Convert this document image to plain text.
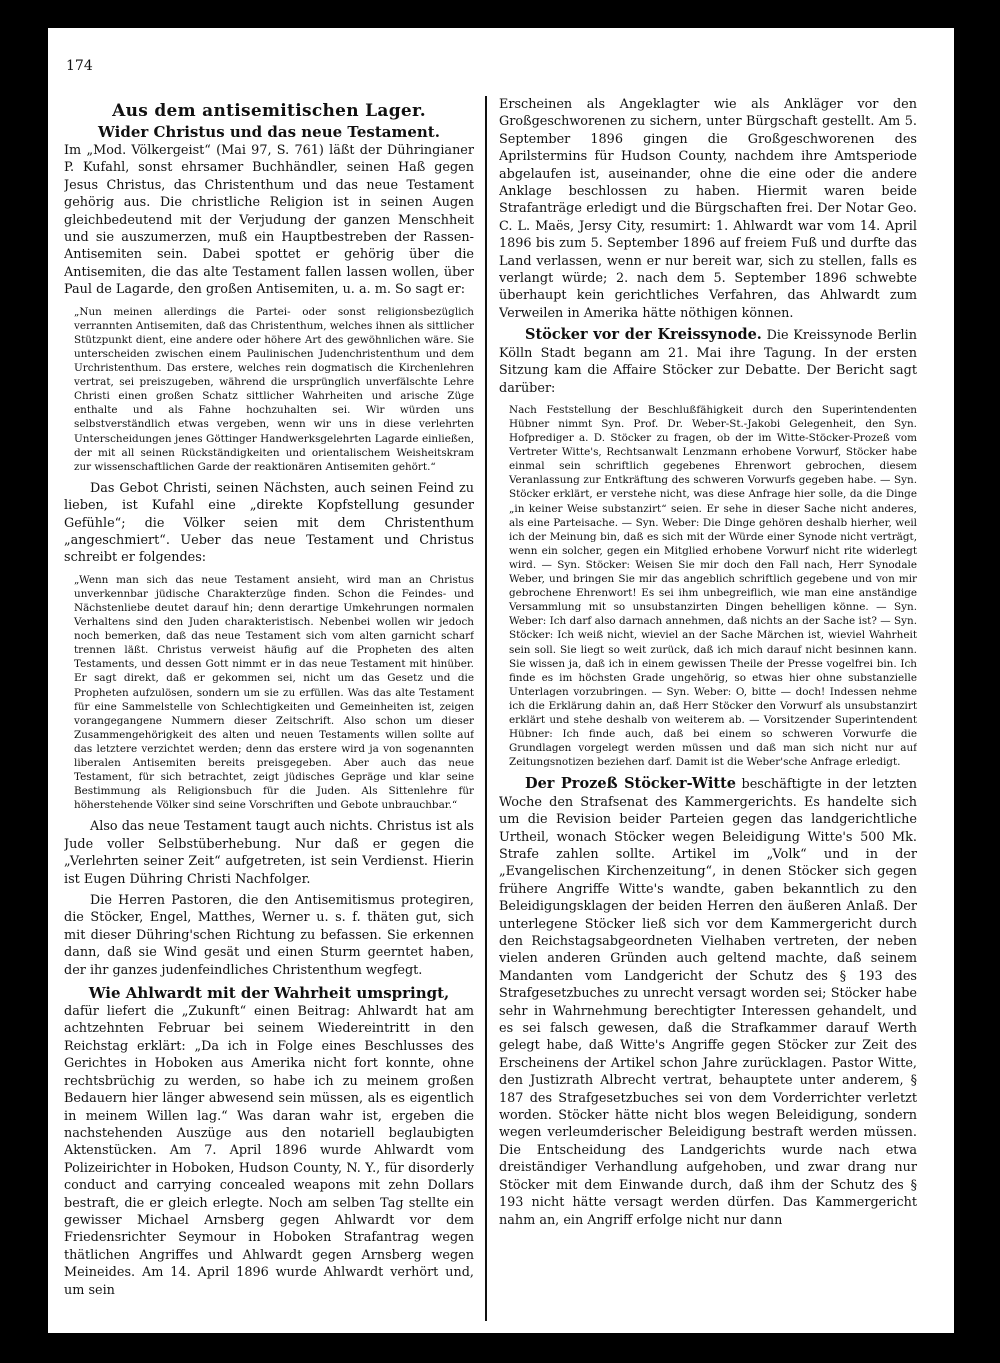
174
Aus dem antisemitischen Lager.
Wider Christus und das neue Testament.

Im „Mod. Völkergeist“ (Mai 97, S. 761) läßt der Dühringianer P. Kufahl, sonst ehrsamer Buchhändler, seinen Haß gegen Jesus Christus, das Christenthum und das neue Testament gehörig aus. Die christliche Religion ist in seinen Augen gleichbedeutend mit der Verjudung der ganzen Menschheit und sie auszumerzen, muß ein Hauptbestreben der Rassen-Antisemiten sein. Dabei spottet er gehörig über die Antisemiten, die das alte Testament fallen lassen wollen, über Paul de Lagarde, den großen Antisemiten, u. a. m. So sagt er:

„Nun meinen allerdings die Partei- oder sonst religionsbezüglich verrannten Antisemiten, daß das Christenthum, welches ihnen als sittlicher Stützpunkt dient, eine andere oder höhere Art des gewöhnlichen wäre. Sie unterscheiden zwischen einem Paulinischen Judenchristenthum und dem Urchristenthum. Das erstere, welches rein dogmatisch die Kirchenlehren vertrat, sei preiszugeben, während die ursprünglich unverfälschte Lehre Christi einen großen Schatz sittlicher Wahrheiten und arische Züge enthalte und als Fahne hochzuhalten sei. Wir würden uns selbstverständlich etwas vergeben, wenn wir uns in diese verlehrten Unterscheidungen jenes Göttinger Handwerksgelehrten Lagarde einließen, der mit all seinen Rückständigkeiten und orientalischem Weisheitskram zur wissenschaftlichen Garde der reaktionären Antisemiten gehört.“

Das Gebot Christi, seinen Nächsten, auch seinen Feind zu lieben, ist Kufahl eine „direkte Kopfstellung gesunder Gefühle“; die Völker seien mit dem Christenthum „angeschmiert“. Ueber das neue Testament und Christus schreibt er folgendes:

„Wenn man sich das neue Testament ansieht, wird man an Christus unverkennbar jüdische Charakterzüge finden. Schon die Feindes- und Nächstenliebe deutet darauf hin; denn derartige Umkehrungen normalen Verhaltens sind den Juden charakteristisch. Nebenbei wollen wir jedoch noch bemerken, daß das neue Testament sich vom alten garnicht scharf trennen läßt. Christus verweist häufig auf die Propheten des alten Testaments, und dessen Gott nimmt er in das neue Testament mit hinüber. Er sagt direkt, daß er gekommen sei, nicht um das Gesetz und die Propheten aufzulösen, sondern um sie zu erfüllen. Was das alte Testament für eine Sammelstelle von Schlechtigkeiten und Gemeinheiten ist, zeigen vorangegangene Nummern dieser Zeitschrift. Also schon um dieser Zusammengehörigkeit des alten und neuen Testaments willen sollte auf das letztere verzichtet werden; denn das erstere wird ja von sogenannten liberalen Antisemiten bereits preisgegeben. Aber auch das neue Testament, für sich betrachtet, zeigt jüdisches Gepräge und klar seine Bestimmung als Religionsbuch für die Juden. Als Sittenlehre für höherstehende Völker sind seine Vorschriften und Gebote unbrauchbar.“

Also das neue Testament taugt auch nichts. Christus ist als Jude voller Selbstüberhebung. Nur daß er gegen die „Verlehrten seiner Zeit“ aufgetreten, ist sein Verdienst. Hierin ist Eugen Dühring Christi Nachfolger.

Die Herren Pastoren, die den Antisemitismus protegiren, die Stöcker, Engel, Matthes, Werner u. s. f. thäten gut, sich mit dieser Dühring'schen Richtung zu befassen. Sie erkennen dann, daß sie Wind gesät und einen Sturm geerntet haben, der ihr ganzes judenfeindliches Christenthum wegfegt.

Wie Ahlwardt mit der Wahrheit umspringt,

dafür liefert die „Zukunft“ einen Beitrag: Ahlwardt hat am achtzehnten Februar bei seinem Wiedereintritt in den Reichstag erklärt: „Da ich in Folge eines Beschlusses des Gerichtes in Hoboken aus Amerika nicht fort konnte, ohne rechtsbrüchig zu werden, so habe ich zu meinem großen Bedauern hier länger abwesend sein müssen, als es eigentlich in meinem Willen lag.“ Was daran wahr ist, ergeben die nachstehenden Auszüge aus den notariell beglaubigten Aktenstücken. Am 7. April 1896 wurde Ahlwardt vom Polizeirichter in Hoboken, Hudson County, N. Y., für disorderly conduct and carrying concealed weapons mit zehn Dollars bestraft, die er gleich erlegte. Noch am selben Tag stellte ein gewisser Michael Arnsberg gegen Ahlwardt vor dem Friedensrichter Seymour in Hoboken Strafantrag wegen thätlichen Angriffes und Ahlwardt gegen Arnsberg wegen Meineides. Am 14. April 1896 wurde Ahlwardt verhört und, um sein

Erscheinen als Angeklagter wie als Ankläger vor den Großgeschworenen zu sichern, unter Bürgschaft gestellt. Am 5. September 1896 gingen die Großgeschworenen des Aprilstermins für Hudson County, nachdem ihre Amtsperiode abgelaufen ist, auseinander, ohne die eine oder die andere Anklage beschlossen zu haben. Hiermit waren beide Strafanträge erledigt und die Bürgschaften frei. Der Notar Geo. C. L. Maës, Jersy City, resumirt: 1. Ahlwardt war vom 14. April 1896 bis zum 5. September 1896 auf freiem Fuß und durfte das Land verlassen, wenn er nur bereit war, sich zu stellen, falls es verlangt würde; 2. nach dem 5. September 1896 schwebte überhaupt kein gerichtliches Verfahren, das Ahlwardt zum Verweilen in Amerika hätte nöthigen können.

Stöcker vor der Kreissynode. Die Kreissynode Berlin Kölln Stadt begann am 21. Mai ihre Tagung. In der ersten Sitzung kam die Affaire Stöcker zur Debatte. Der Bericht sagt darüber:

Nach Feststellung der Beschlußfähigkeit durch den Superintendenten Hübner nimmt Syn. Prof. Dr. Weber-St.-Jakobi Gelegenheit, den Syn. Hofprediger a. D. Stöcker zu fragen, ob der im Witte-Stöcker-Prozeß vom Vertreter Witte's, Rechtsanwalt Lenzmann erhobene Vorwurf, Stöcker habe einmal sein schriftlich gegebenes Ehrenwort gebrochen, diesem Veranlassung zur Entkräftung des schweren Vorwurfs gegeben habe. — Syn. Stöcker erklärt, er verstehe nicht, was diese Anfrage hier solle, da die Dinge „in keiner Weise substanzirt“ seien. Er sehe in dieser Sache nicht anderes, als eine Parteisache. — Syn. Weber: Die Dinge gehören deshalb hierher, weil ich der Meinung bin, daß es sich mit der Würde einer Synode nicht verträgt, wenn ein solcher, gegen ein Mitglied erhobene Vorwurf nicht rite widerlegt wird. — Syn. Stöcker: Weisen Sie mir doch den Fall nach, Herr Synodale Weber, und bringen Sie mir das angeblich schriftlich gegebene und von mir gebrochene Ehrenwort! Es sei ihm unbegreiflich, wie man eine anständige Versammlung mit so unsubstanzirten Dingen behelligen könne. — Syn. Weber: Ich darf also darnach annehmen, daß nichts an der Sache ist? — Syn. Stöcker: Ich weiß nicht, wieviel an der Sache Märchen ist, wieviel Wahrheit sein soll. Sie liegt so weit zurück, daß ich mich darauf nicht besinnen kann. Sie wissen ja, daß ich in einem gewissen Theile der Presse vogelfrei bin. Ich finde es im höchsten Grade ungehörig, so etwas hier ohne substanzielle Unterlagen vorzubringen. — Syn. Weber: O, bitte — doch! Indessen nehme ich die Erklärung dahin an, daß Herr Stöcker den Vorwurf als unsubstanzirt erklärt und stehe deshalb von weiterem ab. — Vorsitzender Superintendent Hübner: Ich finde auch, daß bei einem so schweren Vorwurfe die Grundlagen vorgelegt werden müssen und daß man sich nicht nur auf Zeitungsnotizen beziehen darf. Damit ist die Weber'sche Anfrage erledigt.

Der Prozeß Stöcker-Witte beschäftigte in der letzten Woche den Strafsenat des Kammergerichts. Es handelte sich um die Revision beider Parteien gegen das landgerichtliche Urtheil, wonach Stöcker wegen Beleidigung Witte's 500 Mk. Strafe zahlen sollte. Artikel im „Volk“ und in der „Evangelischen Kirchenzeitung“, in denen Stöcker sich gegen frühere Angriffe Witte's wandte, gaben bekanntlich zu den Beleidigungsklagen der beiden Herren den äußeren Anlaß. Der unterlegene Stöcker ließ sich vor dem Kammergericht durch den Reichstagsabgeordneten Vielhaben vertreten, der neben vielen anderen Gründen auch geltend machte, daß seinem Mandanten vom Landgericht der Schutz des § 193 des Strafgesetzbuches zu unrecht versagt worden sei; Stöcker habe sehr in Wahrnehmung berechtigter Interessen gehandelt, und es sei falsch gewesen, daß die Strafkammer darauf Werth gelegt habe, daß Witte's Angriffe gegen Stöcker zur Zeit des Erscheinens der Artikel schon Jahre zurücklagen. Pastor Witte, den Justizrath Albrecht vertrat, behauptete unter anderem, § 187 des Strafgesetzbuches sei von dem Vorderrichter verletzt worden. Stöcker hätte nicht blos wegen Beleidigung, sondern wegen verleumderischer Beleidigung bestraft werden müssen. Die Entscheidung des Landgerichts wurde nach etwa dreiständiger Verhandlung aufgehoben, und zwar drang nur Stöcker mit dem Einwande durch, daß ihm der Schutz des § 193 nicht hätte versagt werden dürfen. Das Kammergericht nahm an, ein Angriff erfolge nicht nur dann
